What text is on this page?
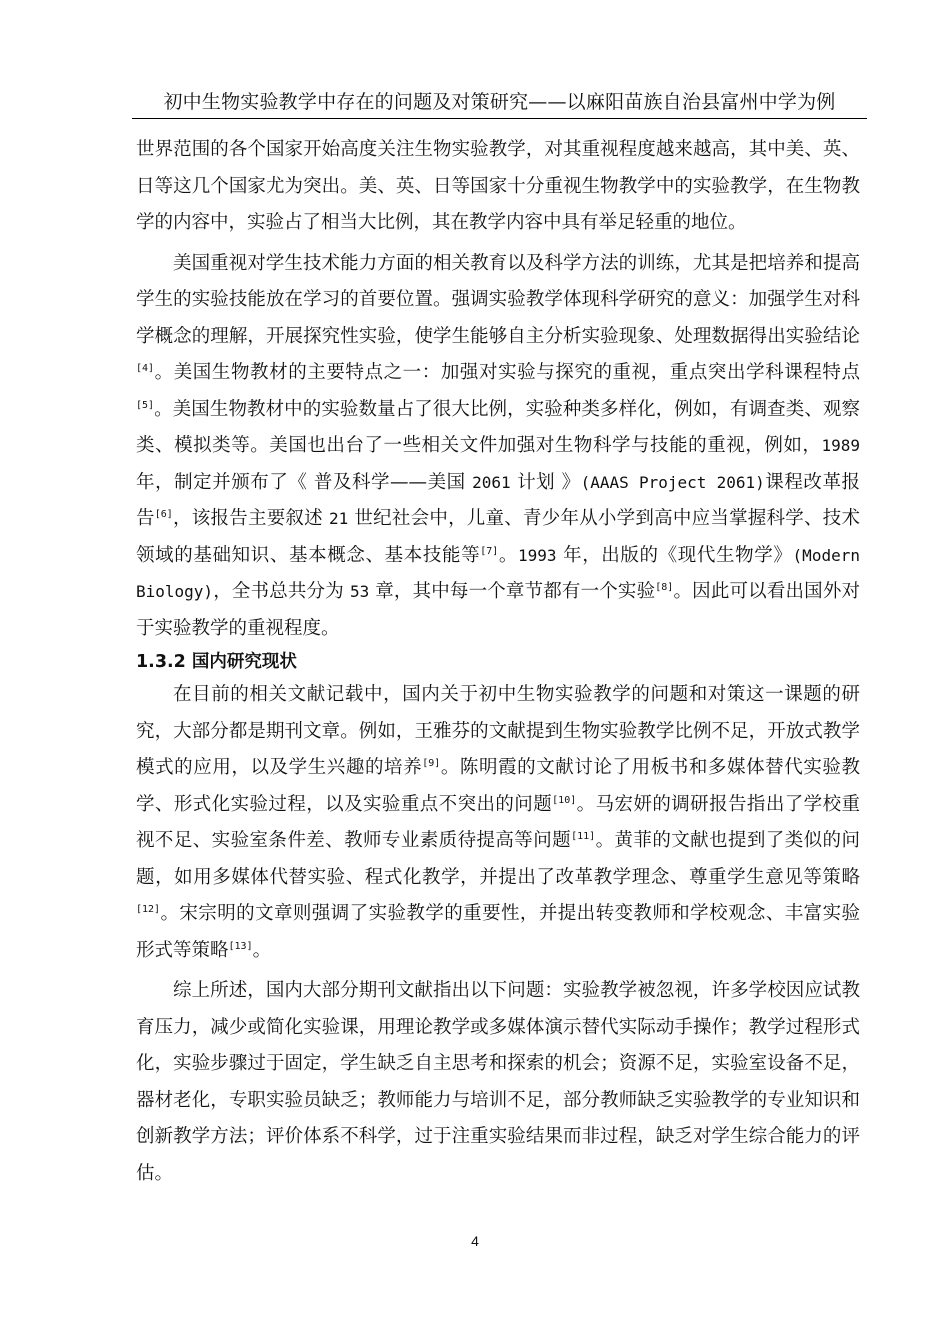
初中生物实验教学中存在的问题及对策研究——以麻阳苗族自治县富州中学为例

世界范围的各个国家开始高度关注生物实验教学，对其重视程度越来越高，其中美、英、日等这几个国家尤为突出。美、英、日等国家十分重视生物教学中的实验教学，在生物教学的内容中，实验占了相当大比例，其在教学内容中具有举足轻重的地位。

美国重视对学生技术能力方面的相关教育以及科学方法的训练，尤其是把培养和提高学生的实验技能放在学习的首要位置。强调实验教学体现科学研究的意义：加强学生对科学概念的理解，开展探究性实验，使学生能够自主分析实验现象、处理数据得出实验结论[4]。美国生物教材的主要特点之一：加强对实验与探究的重视，重点突出学科课程特点[5]。美国生物教材中的实验数量占了很大比例，实验种类多样化，例如，有调查类、观察类、模拟类等。美国也出台了一些相关文件加强对生物科学与技能的重视，例如，1989 年，制定并颁布了《 普及科学——美国 2061 计划 》(AAAS Project 2061)课程改革报告[6]，该报告主要叙述 21 世纪社会中，儿童、青少年从小学到高中应当掌握科学、技术领域的基础知识、基本概念、基本技能等[7]。1993 年，出版的《现代生物学》(Modern Biology)，全书总共分为 53 章，其中每一个章节都有一个实验[8]。因此可以看出国外对于实验教学的重视程度。

1.3.2 国内研究现状

在目前的相关文献记载中，国内关于初中生物实验教学的问题和对策这一课题的研究，大部分都是期刊文章。例如，王雅芬的文献提到生物实验教学比例不足，开放式教学模式的应用，以及学生兴趣的培养[9]。陈明霞的文献讨论了用板书和多媒体替代实验教学、形式化实验过程，以及实验重点不突出的问题[10]。马宏妍的调研报告指出了学校重视不足、实验室条件差、教师专业素质待提高等问题[11]。黄菲的文献也提到了类似的问题，如用多媒体代替实验、程式化教学，并提出了改革教学理念、尊重学生意见等策略[12]。宋宗明的文章则强调了实验教学的重要性，并提出转变教师和学校观念、丰富实验形式等策略[13]。

综上所述，国内大部分期刊文献指出以下问题：实验教学被忽视，许多学校因应试教育压力，减少或简化实验课，用理论教学或多媒体演示替代实际动手操作；教学过程形式化，实验步骤过于固定，学生缺乏自主思考和探索的机会；资源不足，实验室设备不足，器材老化，专职实验员缺乏；教师能力与培训不足，部分教师缺乏实验教学的专业知识和创新教学方法；评价体系不科学，过于注重实验结果而非过程，缺乏对学生综合能力的评估。

4
